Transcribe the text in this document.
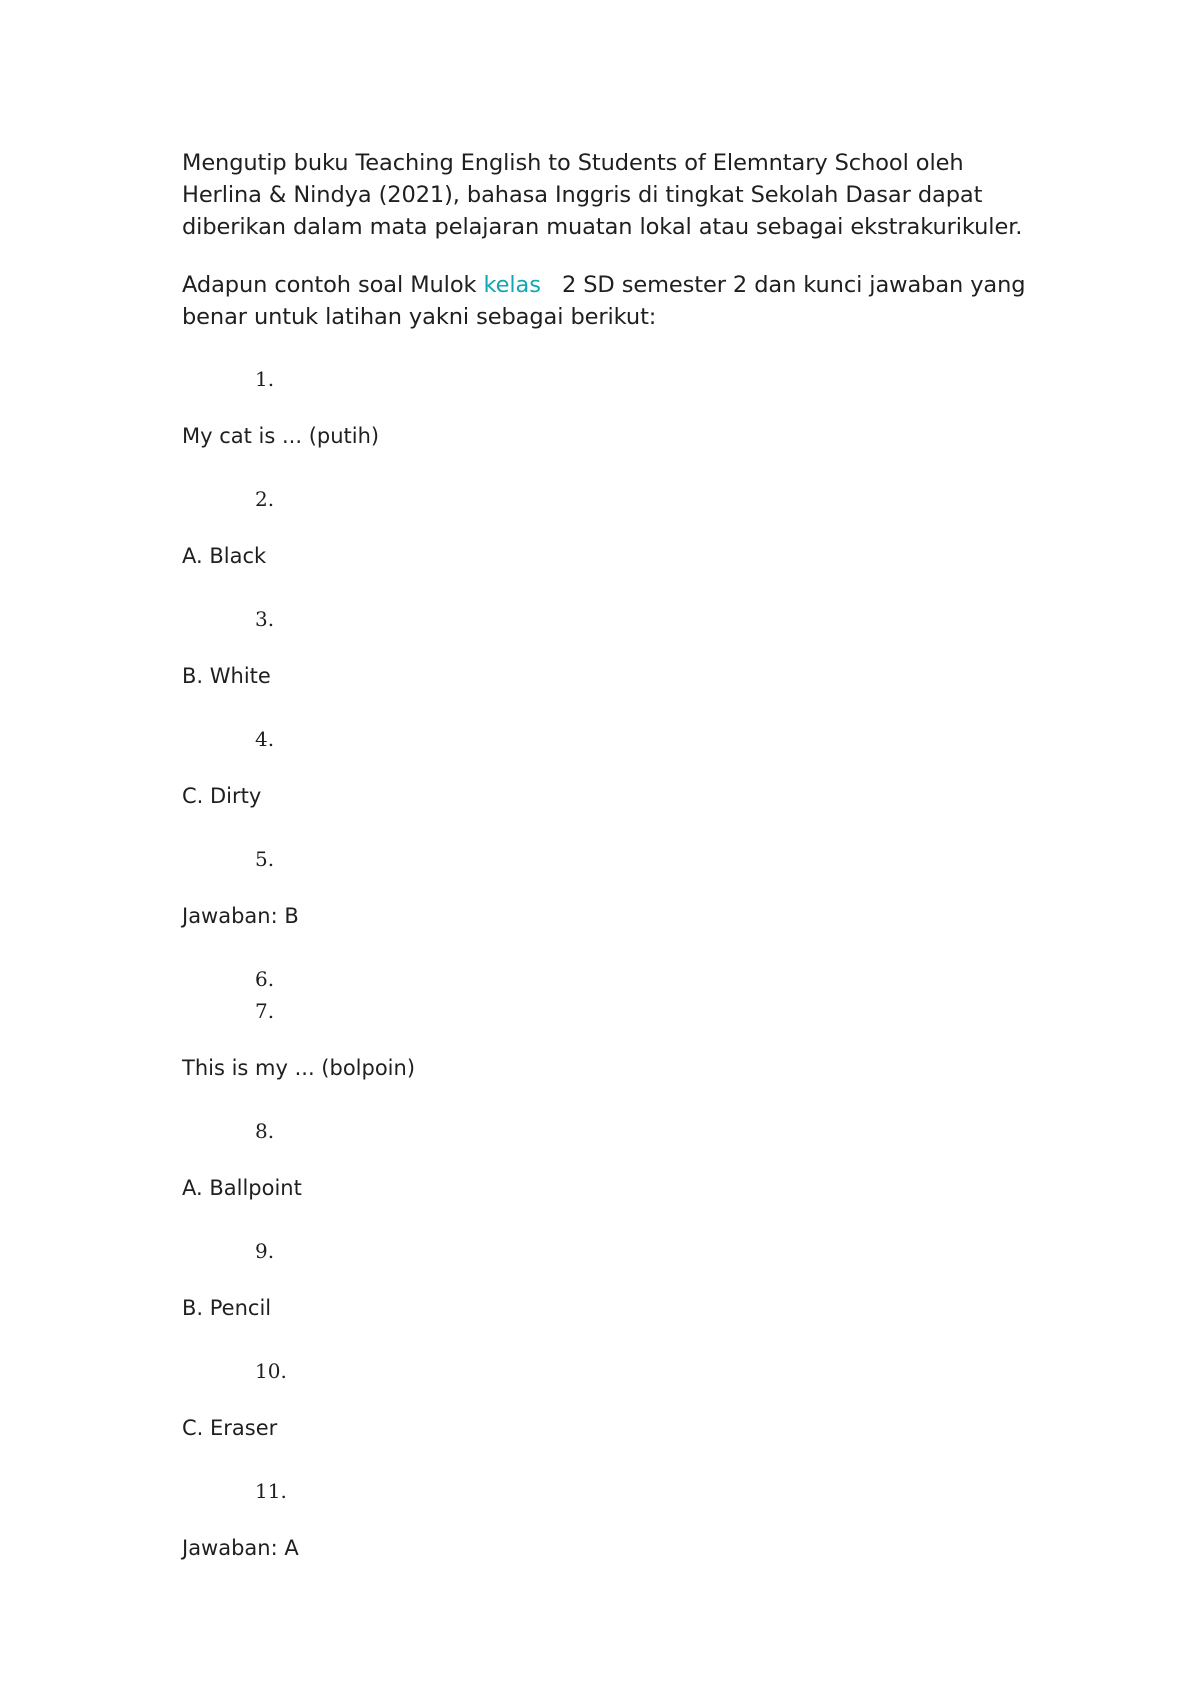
Mengutip buku Teaching English to Students of Elemntary School oleh Herlina & Nindya (2021), bahasa Inggris di tingkat Sekolah Dasar dapat diberikan dalam mata pelajaran muatan lokal atau sebagai ekstrakurikuler.

Adapun contoh soal Mulok kelas   2 SD semester 2 dan kunci jawaban yang benar untuk latihan yakni sebagai berikut:

1.

My cat is ... (putih)

2.

A. Black

3.

B. White

4.

C. Dirty

5.

Jawaban: B

6.

7.

This is my ... (bolpoin)

8.

A. Ballpoint

9.

B. Pencil

10.

C. Eraser

11.

Jawaban: A
